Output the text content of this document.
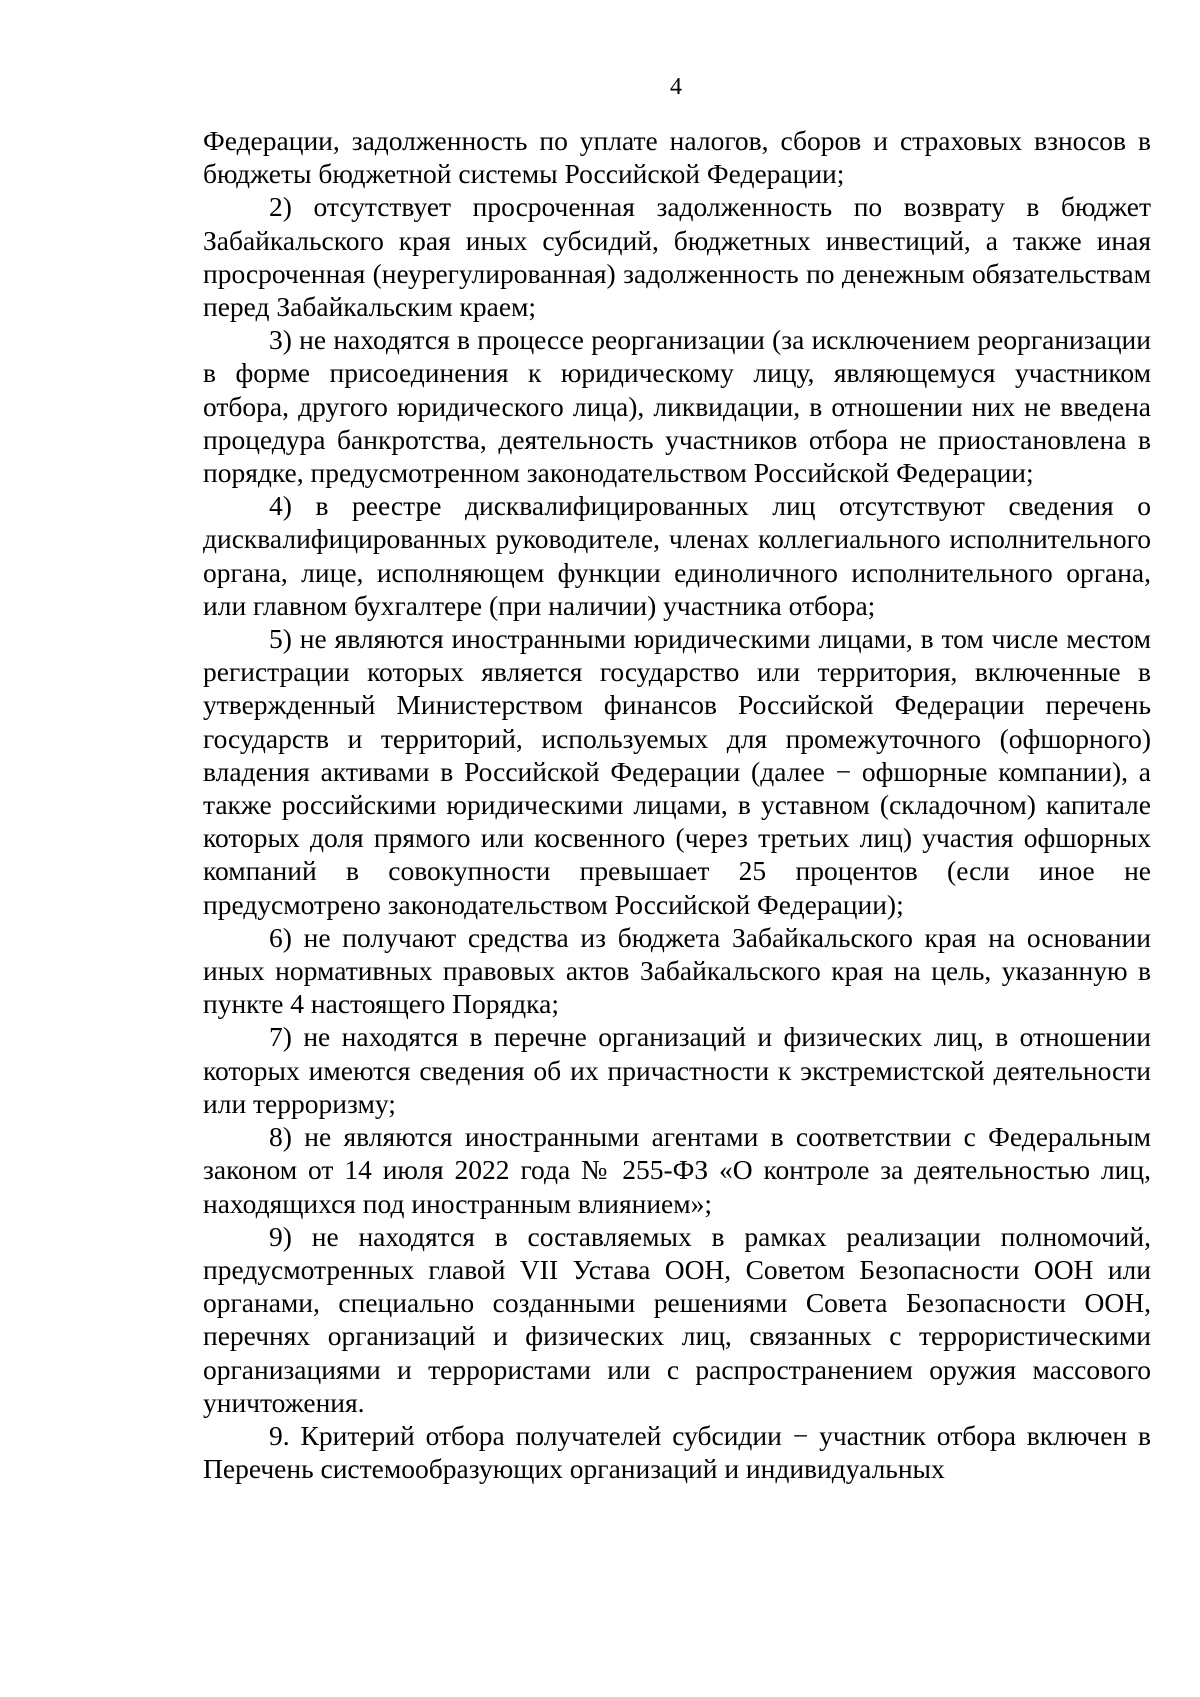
4

Федерации, задолженность по уплате налогов, сборов и страховых взносов в бюджеты бюджетной системы Российской Федерации;

2) отсутствует просроченная задолженность по возврату в бюджет Забайкальского края иных субсидий, бюджетных инвестиций, а также иная просроченная (неурегулированная) задолженность по денежным обязательствам перед Забайкальским краем;

3) не находятся в процессе реорганизации (за исключением реорганизации в форме присоединения к юридическому лицу, являющемуся участником отбора, другого юридического лица), ликвидации, в отношении них не введена процедура банкротства, деятельность участников отбора не приостановлена в порядке, предусмотренном законодательством Российской Федерации;

4) в реестре дисквалифицированных лиц отсутствуют сведения о дисквалифицированных руководителе, членах коллегиального исполнительного органа, лице, исполняющем функции единоличного исполнительного органа, или главном бухгалтере (при наличии) участника отбора;

5) не являются иностранными юридическими лицами, в том числе местом регистрации которых является государство или территория, включенные в утвержденный Министерством финансов Российской Федерации перечень государств и территорий, используемых для промежуточного (офшорного) владения активами в Российской Федерации (далее − офшорные компании), а также российскими юридическими лицами, в уставном (складочном) капитале которых доля прямого или косвенного (через третьих лиц) участия офшорных компаний в совокупности превышает 25 процентов (если иное не предусмотрено законодательством Российской Федерации);

6) не получают средства из бюджета Забайкальского края на основании иных нормативных правовых актов Забайкальского края на цель, указанную в пункте 4 настоящего Порядка;

7) не находятся в перечне организаций и физических лиц, в отношении которых имеются сведения об их причастности к экстремистской деятельности или терроризму;

8) не являются иностранными агентами в соответствии с Федеральным законом от 14 июля 2022 года № 255-ФЗ «О контроле за деятельностью лиц, находящихся под иностранным влиянием»;

9) не находятся в составляемых в рамках реализации полномочий, предусмотренных главой VII Устава ООН, Советом Безопасности ООН или органами, специально созданными решениями Совета Безопасности ООН, перечнях организаций и физических лиц, связанных с террористическими организациями и террористами или с распространением оружия массового уничтожения.

9. Критерий отбора получателей субсидии − участник отбора включен в Перечень системообразующих организаций и индивидуальных
